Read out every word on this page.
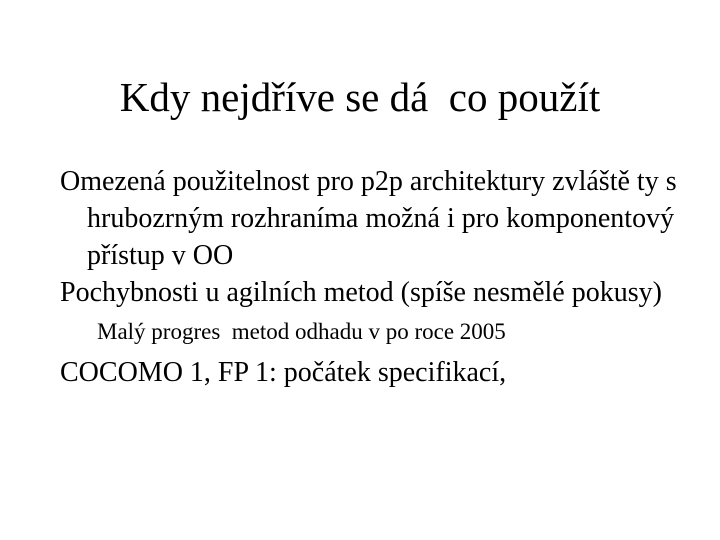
Kdy nejdříve se dá  co použít
Omezená použitelnost pro p2p architektury zvláště ty s hrubozrným rozhraníma možná i pro komponentový přístup v OO
Pochybnosti u agilních metod (spíše nesmělé pokusy)
Malý progres  metod odhadu v po roce 2005
COCOMO 1, FP 1: počátek specifikací,
